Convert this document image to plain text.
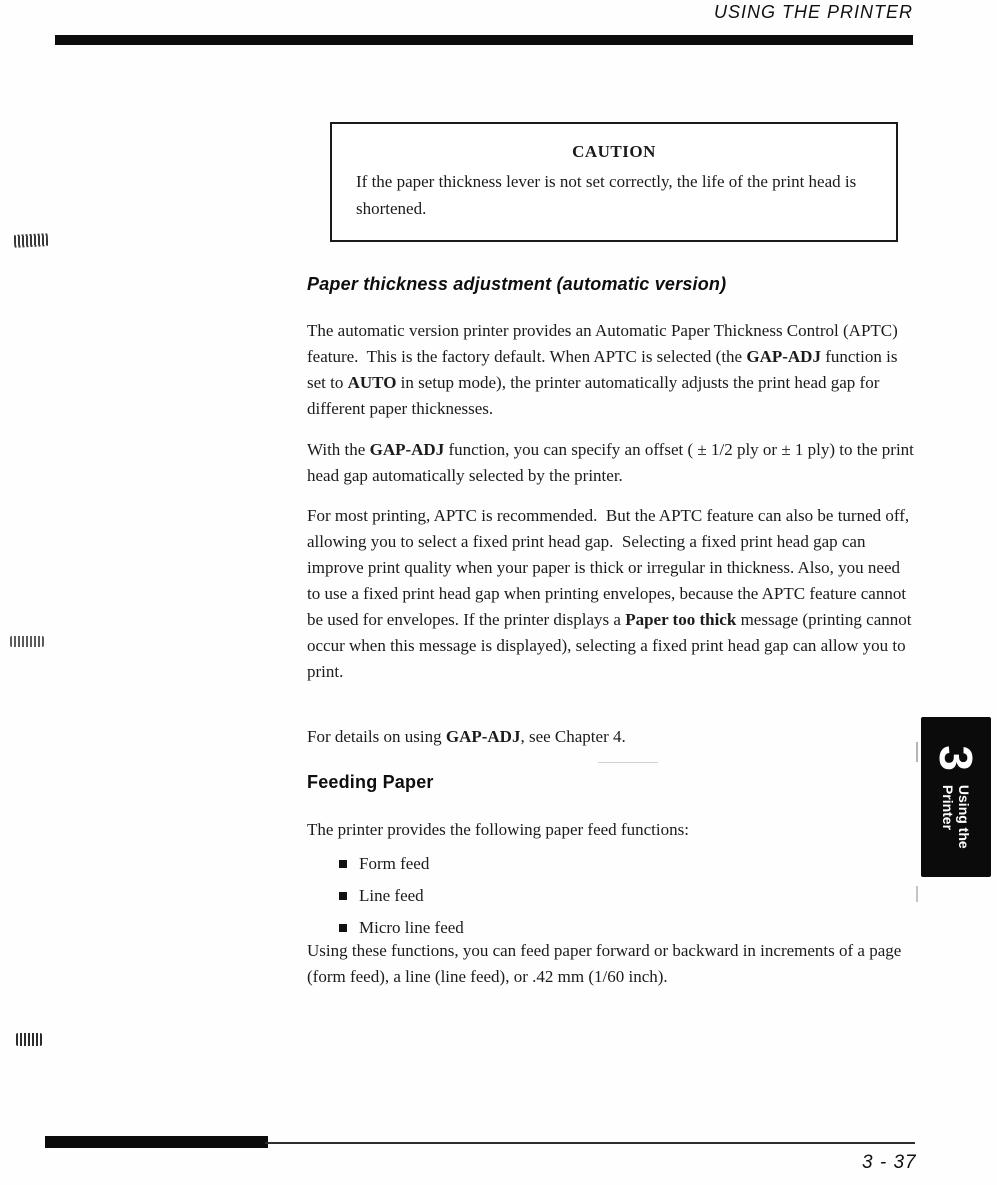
USING THE PRINTER
CAUTION
If the paper thickness lever is not set correctly, the life of the print head is shortened.
Paper thickness adjustment (automatic version)
The automatic version printer provides an Automatic Paper Thickness Control (APTC) feature.  This is the factory default. When APTC is selected (the GAP-ADJ function is set to AUTO in setup mode), the printer automatically adjusts the print head gap for different paper thicknesses.
With the GAP-ADJ function, you can specify an offset ( ± 1/2 ply or ± 1 ply) to the print head gap automatically selected by the printer.
For most printing, APTC is recommended.  But the APTC feature can also be turned off, allowing you to select a fixed print head gap.  Selecting a fixed print head gap can improve print quality when your paper is thick or irregular in thickness. Also, you need to use a fixed print head gap when printing envelopes, because the APTC feature cannot be used for envelopes. If the printer displays a Paper too thick message (printing cannot occur when this message is displayed), selecting a fixed print head gap can allow you to print.
For details on using GAP-ADJ, see Chapter 4.
Feeding Paper
The printer provides the following paper feed functions:
Form feed
Line feed
Micro line feed
Using these functions, you can feed paper forward or backward in increments of a page (form feed), a line (line feed), or .42 mm (1/60 inch).
3
Using the
Printer
3 - 37
